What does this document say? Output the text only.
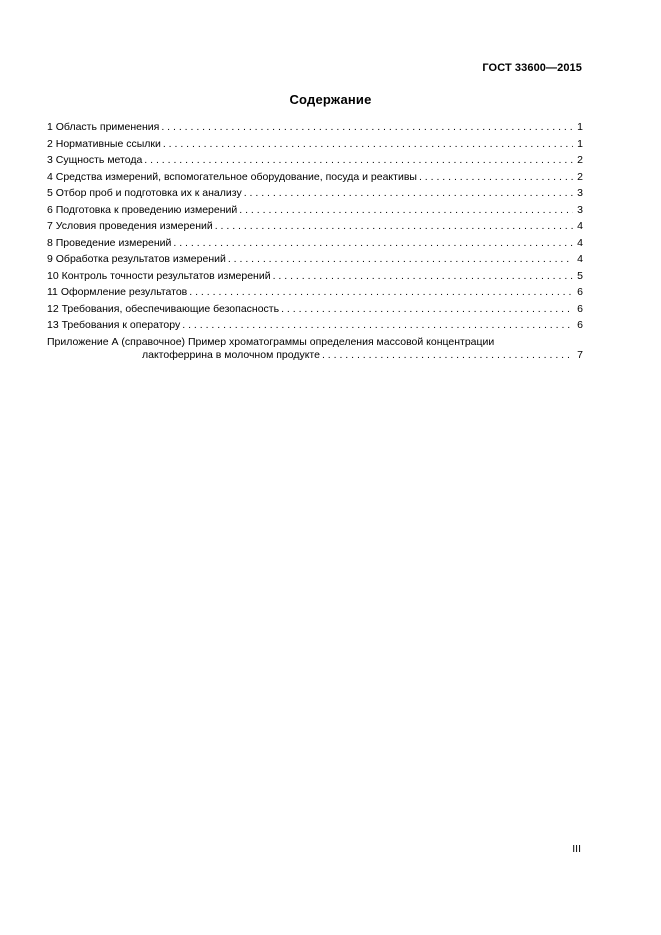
ГОСТ 33600—2015
Содержание
1 Область применения . . .	1
2 Нормативные ссылки . . .	1
3 Сущность метода . . .	2
4 Средства измерений, вспомогательное оборудование, посуда и реактивы . . .	2
5 Отбор проб и подготовка их к анализу . . .	3
6 Подготовка к проведению измерений . . .	3
7 Условия проведения измерений . . .	4
8 Проведение измерений . . .	4
9 Обработка результатов измерений . . .	4
10 Контроль точности результатов измерений . . .	5
11 Оформление результатов . . .	6
12 Требования, обеспечивающие безопасность . . .	6
13 Требования к оператору . . .	6
Приложение А (справочное) Пример хроматограммы определения массовой концентрации
лактоферрина в молочном продукте . . .	7
III
